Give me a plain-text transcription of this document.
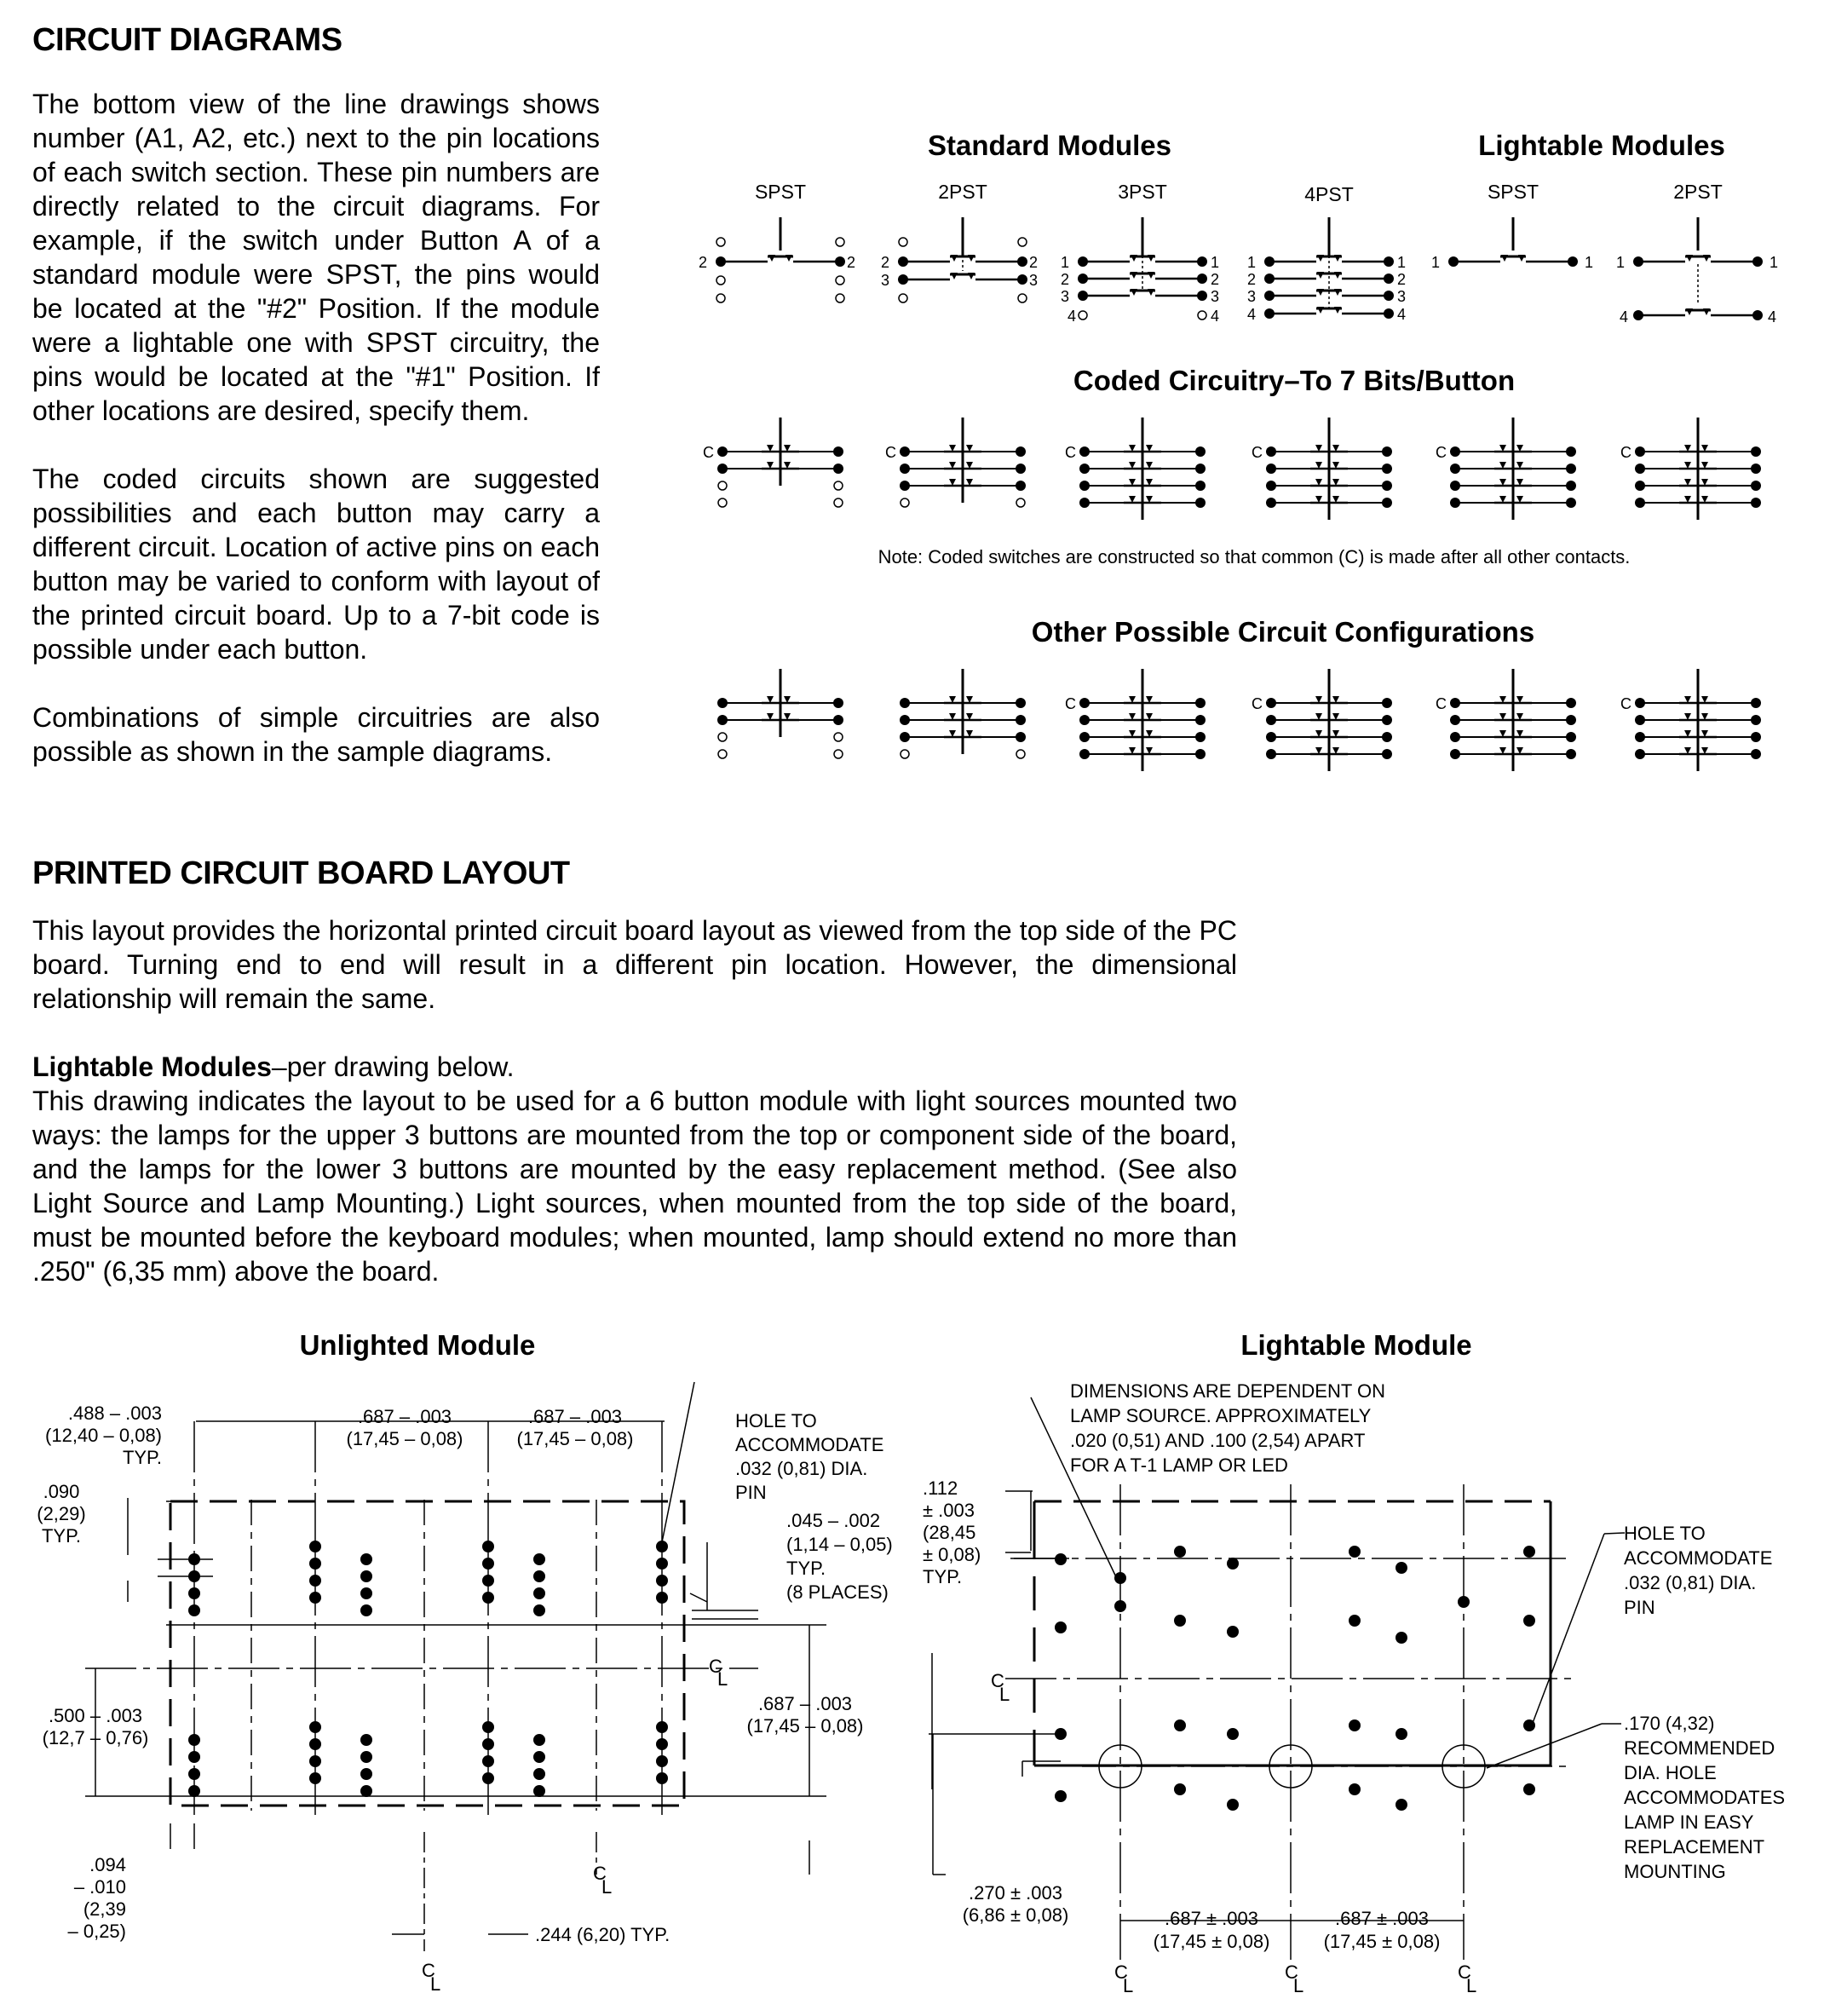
CIRCUIT DIAGRAMS

The bottom view of the line drawings shows number (A1, A2, etc.) next to the pin locations of each switch section. These pin numbers are directly related to the circuit diagrams. For example, if the switch under Button A of a standard module were SPST, the pins would be located at the "#2" Position. If the module were a lightable one with SPST circuitry, the pins would be located at the "#1" Position. If other locations are desired, specify them.

The coded circuits shown are suggested possibilities and each button may carry a different circuit. Location of active pins on each button may be varied to conform with layout of the printed circuit board. Up to a 7-bit code is possible under each button.

Combinations of simple circuitries are also possible as shown in the sample diagrams.

Standard Modules	Lightable Modules
SPST	2PST	3PST	4PST	SPST	2PST
2	2 2
3
2
3
1
2
3
4
1
2
3
4
1
2
3
4
1
2
3
4
1	1 1	1
4	4
Coded Circuitry–To 7 Bits/Button
C	C	C	C	C	C
Note: Coded switches are constructed so that common (C) is made after all other contacts.
Other Possible Circuit Configurations
C	C	C	C
PRINTED CIRCUIT BOARD LAYOUT
This layout provides the horizontal printed circuit board layout as viewed from the top side of the PC board. Turning end to end will result in a different pin location. However, the dimensional relationship will remain the same.
Lightable Modules–per drawing below.
This drawing indicates the layout to be used for a 6 button module with light sources mounted two ways: the lamps for the upper 3 buttons are mounted from the top or component side of the board, and the lamps for the lower 3 buttons are mounted by the easy replacement method. (See also Light Source and Lamp Mounting.) Light sources, when mounted from the top side of the board, must be mounted before the keyboard modules; when mounted, lamp should extend no more than .250" (6,35 mm) above the board.
Unlighted Module
.488 – .003
(12,40 – 0,08)
TYP.
.687 – .003
(17,45 – 0,08)
.687 – .003
(17,45 – 0,08)
HOLE TO
ACCOMMODATE
.032 (0,81) DIA.
PIN
.090
(2,29)
TYP.
.045 – .002
(1,14 – 0,05)
TYP.
(8 PLACES)
.500 – .003
(12,7 – 0,76)
.687 – .003
(17,45 – 0,08)
.094
– .010
(2,39
– 0,25)	.244 (6,20) TYP.
C
L
C
L
C
L
Lightable Module
DIMENSIONS ARE DEPENDENT ON
LAMP SOURCE. APPROXIMATELY
.020 (0,51) AND .100 (2,54) APART
FOR A T-1 LAMP OR LED
.112
± .003
(28,45
± 0,08)
TYP.
HOLE TO
ACCOMMODATE
.032 (0,81) DIA.
PIN
.170 (4,32)
RECOMMENDED
DIA. HOLE
ACCOMMODATES
LAMP IN EASY
REPLACEMENT
MOUNTING
.270 ± .003
(6,86 ± 0,08)	.687 ± .003
(17,45 ± 0,08)
.687 ± .003
(17,45 ± 0,08)
C
L
C
L
C
L
C
L
